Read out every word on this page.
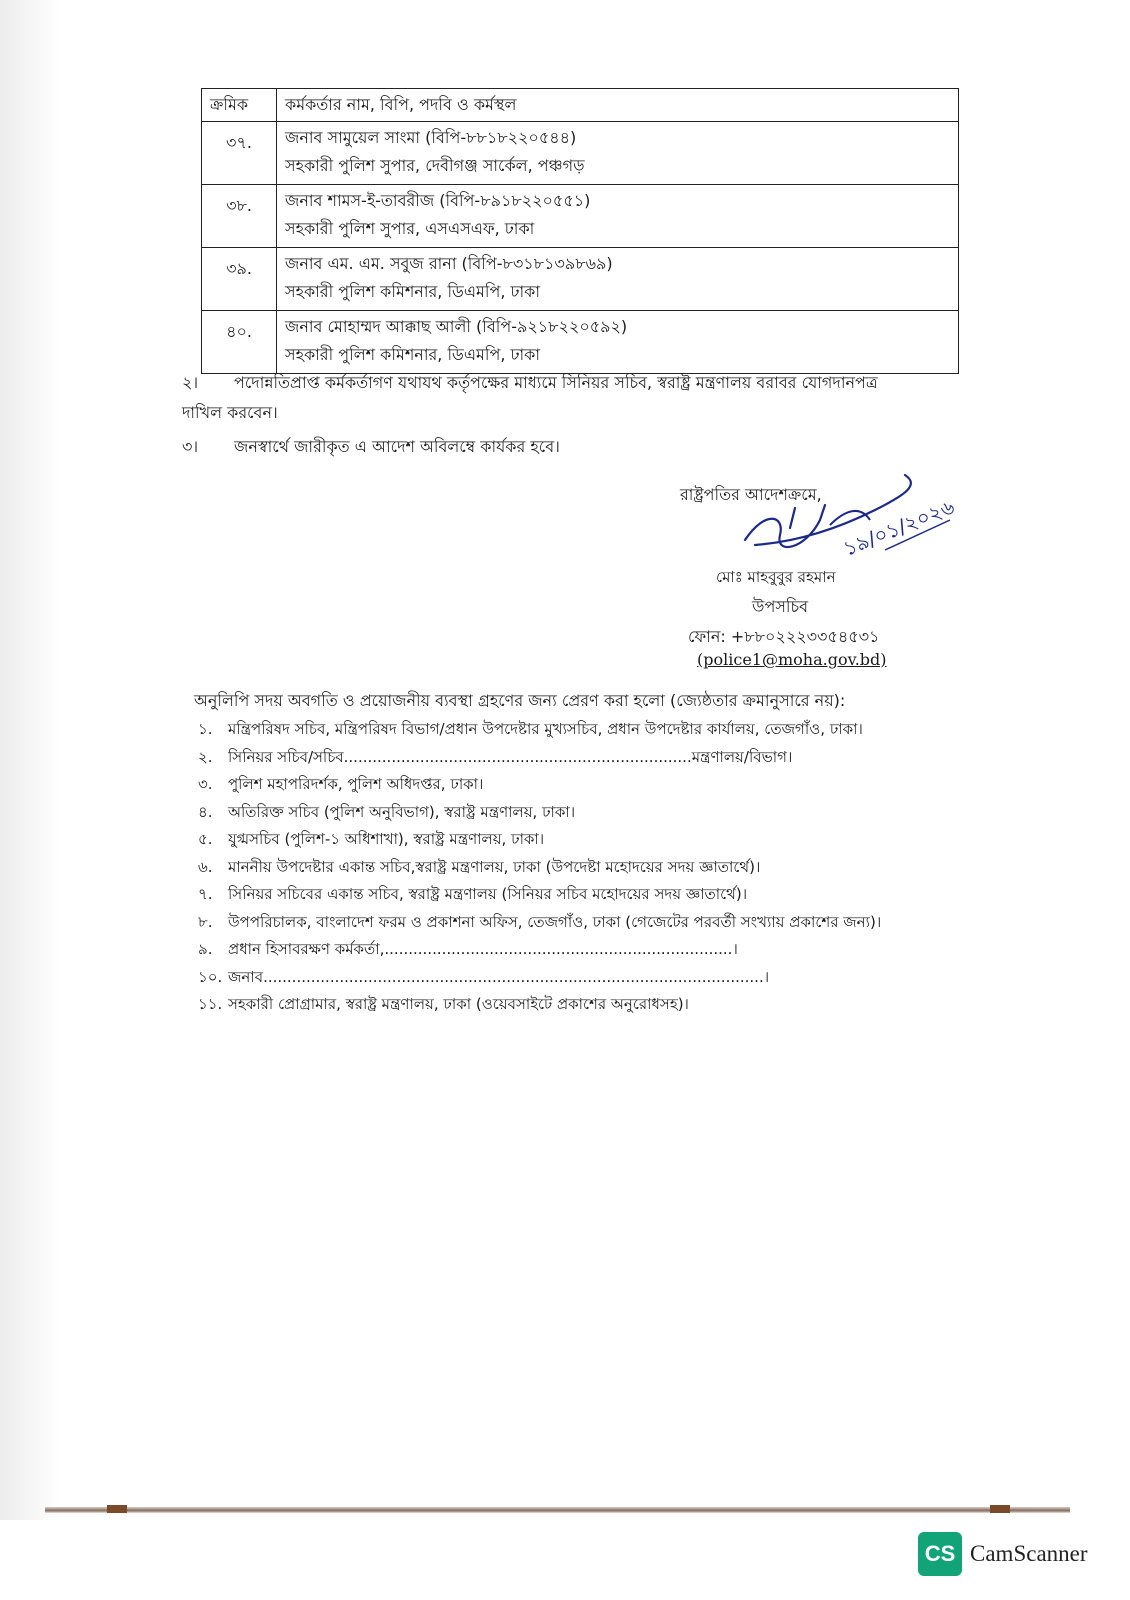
ক্রমিক	কর্মকর্তার নাম, বিপি, পদবি ও কর্মস্থল
৩৭.	জনাব সামুয়েল সাংমা (বিপি-৮৮১৮২২০৫৪৪)
সহকারী পুলিশ সুপার, দেবীগঞ্জ সার্কেল, পঞ্চগড়

৩৮.	জনাব শামস-ই-তাবরীজ (বিপি-৮৯১৮২২০৫৫১)
সহকারী পুলিশ সুপার, এসএসএফ, ঢাকা

৩৯.	জনাব এম. এম. সবুজ রানা (বিপি-৮৩১৮১৩৯৮৬৯)
সহকারী পুলিশ কমিশনার, ডিএমপি, ঢাকা

৪০.	জনাব মোহাম্মদ আক্কাছ আলী (বিপি-৯২১৮২২০৫৯২)
সহকারী পুলিশ কমিশনার, ডিএমপি, ঢাকা
২। পদোন্নতিপ্রাপ্ত কর্মকর্তাগণ যথাযথ কর্তৃপক্ষের মাধ্যমে সিনিয়র সচিব, স্বরাষ্ট্র মন্ত্রণালয় বরাবর যোগদানপত্র
দাখিল করবেন।
৩। জনস্বার্থে জারীকৃত এ আদেশ অবিলম্বে কার্যকর হবে।
রাষ্ট্রপতির আদেশক্রমে,
১৯/০১/২০২৬
মোঃ মাহবুবুর রহমান
উপসচিব
ফোন: +৮৮০২২২৩৩৫৪৫৩১
(police1@moha.gov.bd)
অনুলিপি সদয় অবগতি ও প্রয়োজনীয় ব্যবস্থা গ্রহণের জন্য প্রেরণ করা হলো (জ্যেষ্ঠতার ক্রমানুসারে নয়):
১. মন্ত্রিপরিষদ সচিব, মন্ত্রিপরিষদ বিভাগ/প্রধান উপদেষ্টার মুখ্যসচিব, প্রধান উপদেষ্টার কার্যালয়, তেজগাঁও, ঢাকা।
২. সিনিয়র সচিব/সচিব.........................................................................মন্ত্রণালয়/বিভাগ।
৩. পুলিশ মহাপরিদর্শক, পুলিশ অধিদপ্তর, ঢাকা।
৪. অতিরিক্ত সচিব (পুলিশ অনুবিভাগ), স্বরাষ্ট্র মন্ত্রণালয়, ঢাকা।
৫. যুগ্মসচিব (পুলিশ-১ অধিশাখা), স্বরাষ্ট্র মন্ত্রণালয়, ঢাকা।
৬. মাননীয় উপদেষ্টার একান্ত সচিব,স্বরাষ্ট্র মন্ত্রণালয়, ঢাকা (উপদেষ্টা মহোদয়ের সদয় জ্ঞাতার্থে)।
৭. সিনিয়র সচিবের একান্ত সচিব, স্বরাষ্ট্র মন্ত্রণালয় (সিনিয়র সচিব মহোদয়ের সদয় জ্ঞাতার্থে)।
৮. উপপরিচালক, বাংলাদেশ ফরম ও প্রকাশনা অফিস, তেজগাঁও, ঢাকা (গেজেটের পরবর্তী সংখ্যায় প্রকাশের জন্য)।
৯. প্রধান হিসাবরক্ষণ কর্মকর্তা,.........................................................................।
১০. জনাব.........................................................................................................।
১১. সহকারী প্রোগ্রামার, স্বরাষ্ট্র মন্ত্রণালয়, ঢাকা (ওয়েবসাইটে প্রকাশের অনুরোধসহ)।
CS CamScanner
